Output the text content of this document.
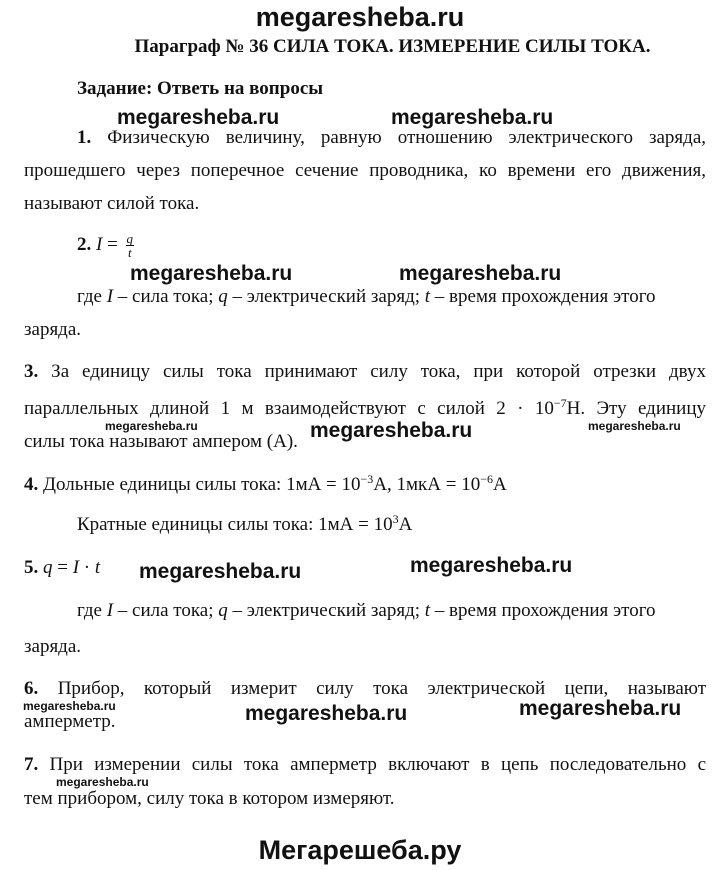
megaresheba.ru
Параграф № 36 СИЛА ТОКА. ИЗМЕРЕНИЕ СИЛЫ ТОКА.
Задание: Ответь на вопросы
megaresheba.ru	megaresheba.ru
megaresheba.ru	megaresheba.ru
megaresheba.ru	megaresheba.ru	megaresheba.ru
megaresheba.ru	megaresheba.ru
megaresheba.ru	megaresheba.ru	megaresheba.ru
megaresheba.ru
1. Физическую величину, равную отношению электрического заряда,
прошедшего через поперечное сечение проводника, ко времени его движения,
называют силой тока.
2. $I = \frac{q}{t}$
где I – сила тока; q – электрический заряд; t – время прохождения этого
заряда.
3. За единицу силы тока принимают силу тока, при которой отрезки двух
параллельных длиной 1 м взаимодействуют с силой $2 \cdot 10^{-7}Н$. Эту единицу
силы тока называют ампером (А).
4. Дольные единицы силы тока: $1мА = 10^{-3}А$, $1мкА = 10^{-6}А$
Кратные единицы силы тока: $1мА = 10^3А$
5. q = I · t
где I – сила тока; q – электрический заряд; t – время прохождения этого
заряда.
6. Прибор, который измерит силу тока электрической цепи, называют
амперметр.
7. При измерении силы тока амперметр включают в цепь последовательно с
тем прибором, силу тока в котором измеряют.
Мегарешеба.ру
